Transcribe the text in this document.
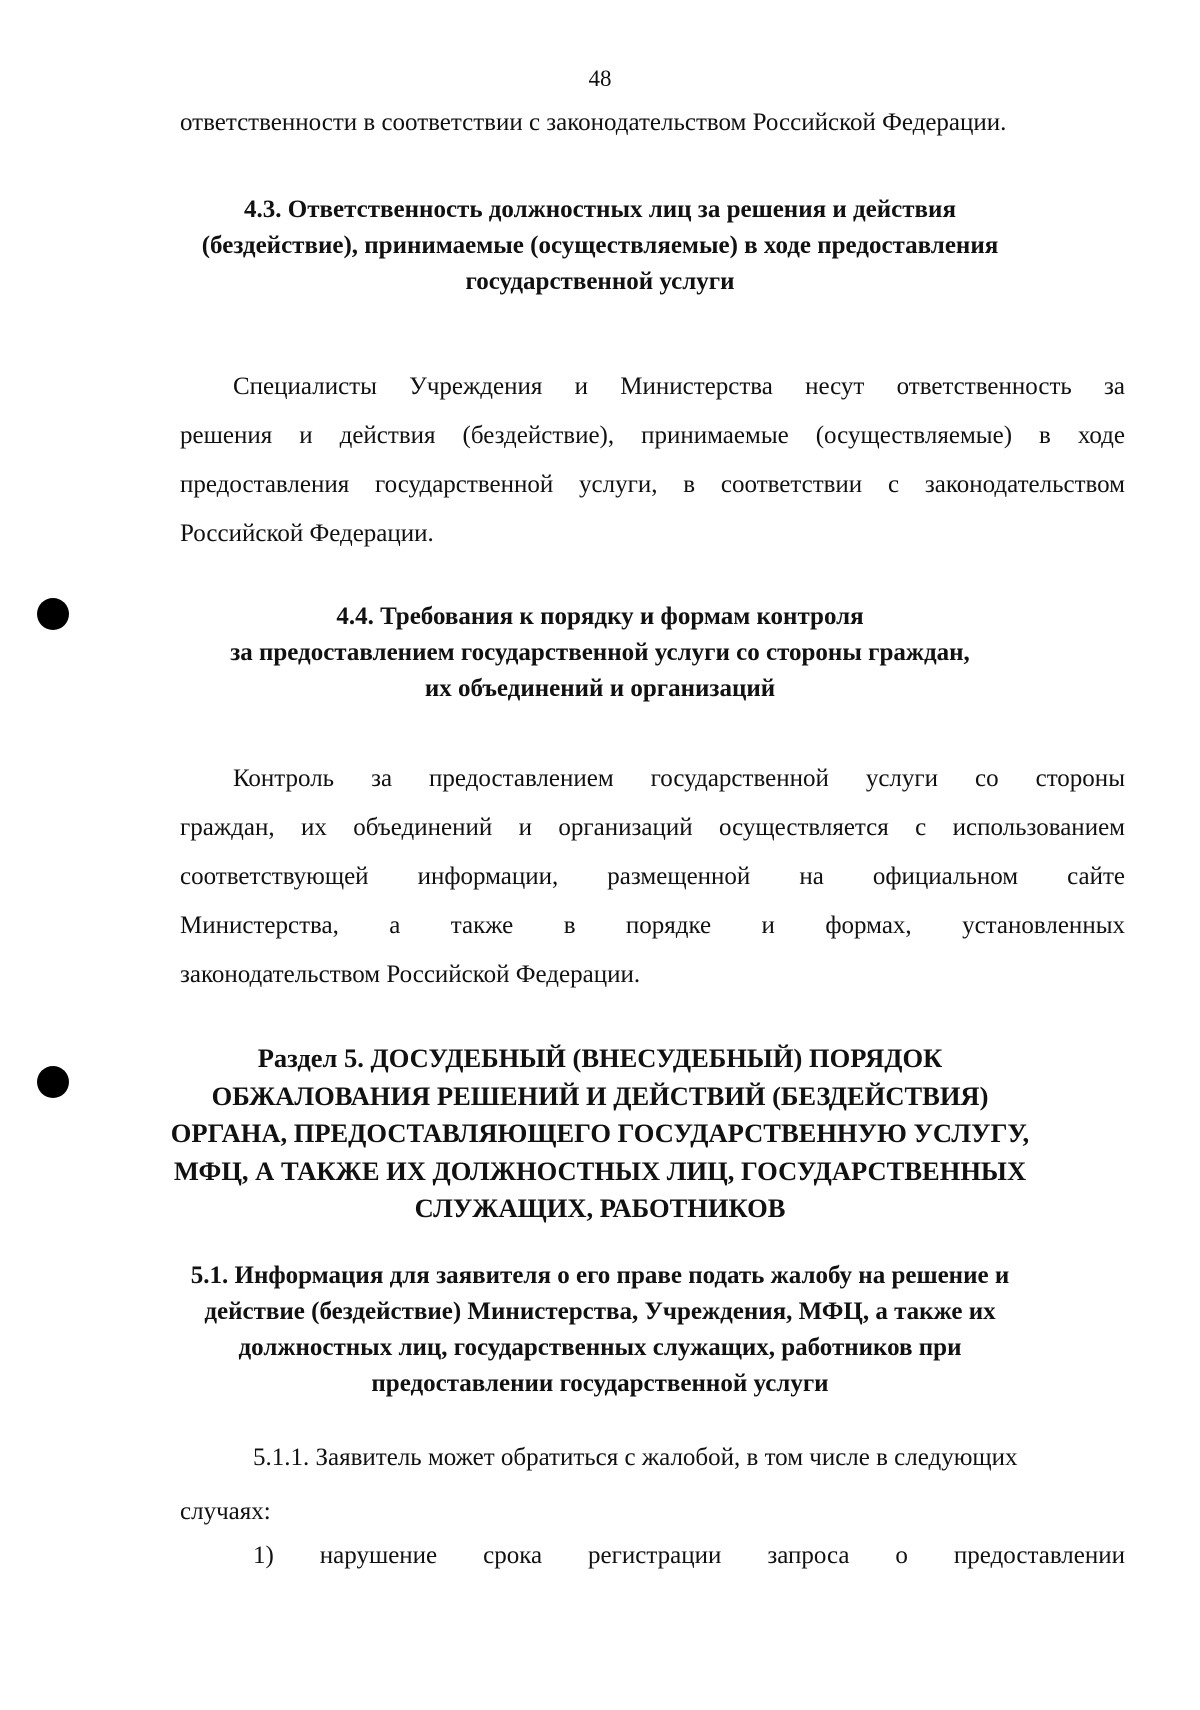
48
ответственности в соответствии с законодательством Российской Федерации.
4.3. Ответственность должностных лиц за решения и действия
(бездействие), принимаемые (осуществляемые) в ходе предоставления
государственной услуги
Специалисты Учреждения и Министерства несут ответственность за
решения и действия (бездействие), принимаемые (осуществляемые) в ходе
предоставления государственной услуги, в соответствии с законодательством
Российской Федерации.
4.4. Требования к порядку и формам контроля
за предоставлением государственной услуги со стороны граждан,
их объединений и организаций
Контроль за предоставлением государственной услуги со стороны
граждан, их объединений и организаций осуществляется с использованием
соответствующей информации, размещенной на официальном сайте
Министерства, а также в порядке и формах, установленных
законодательством Российской Федерации.
Раздел 5. ДОСУДЕБНЫЙ (ВНЕСУДЕБНЫЙ) ПОРЯДОК
ОБЖАЛОВАНИЯ РЕШЕНИЙ И ДЕЙСТВИЙ (БЕЗДЕЙСТВИЯ)
ОРГАНА, ПРЕДОСТАВЛЯЮЩЕГО ГОСУДАРСТВЕННУЮ УСЛУГУ,
МФЦ, А ТАКЖЕ ИХ ДОЛЖНОСТНЫХ ЛИЦ, ГОСУДАРСТВЕННЫХ
СЛУЖАЩИХ, РАБОТНИКОВ
5.1. Информация для заявителя о его праве подать жалобу на решение и
действие (бездействие) Министерства, Учреждения, МФЦ, а также их
должностных лиц, государственных служащих, работников при
предоставлении государственной услуги
5.1.1. Заявитель может обратиться с жалобой, в том числе в следующих
случаях:
1) нарушение срока регистрации запроса о предоставлении
